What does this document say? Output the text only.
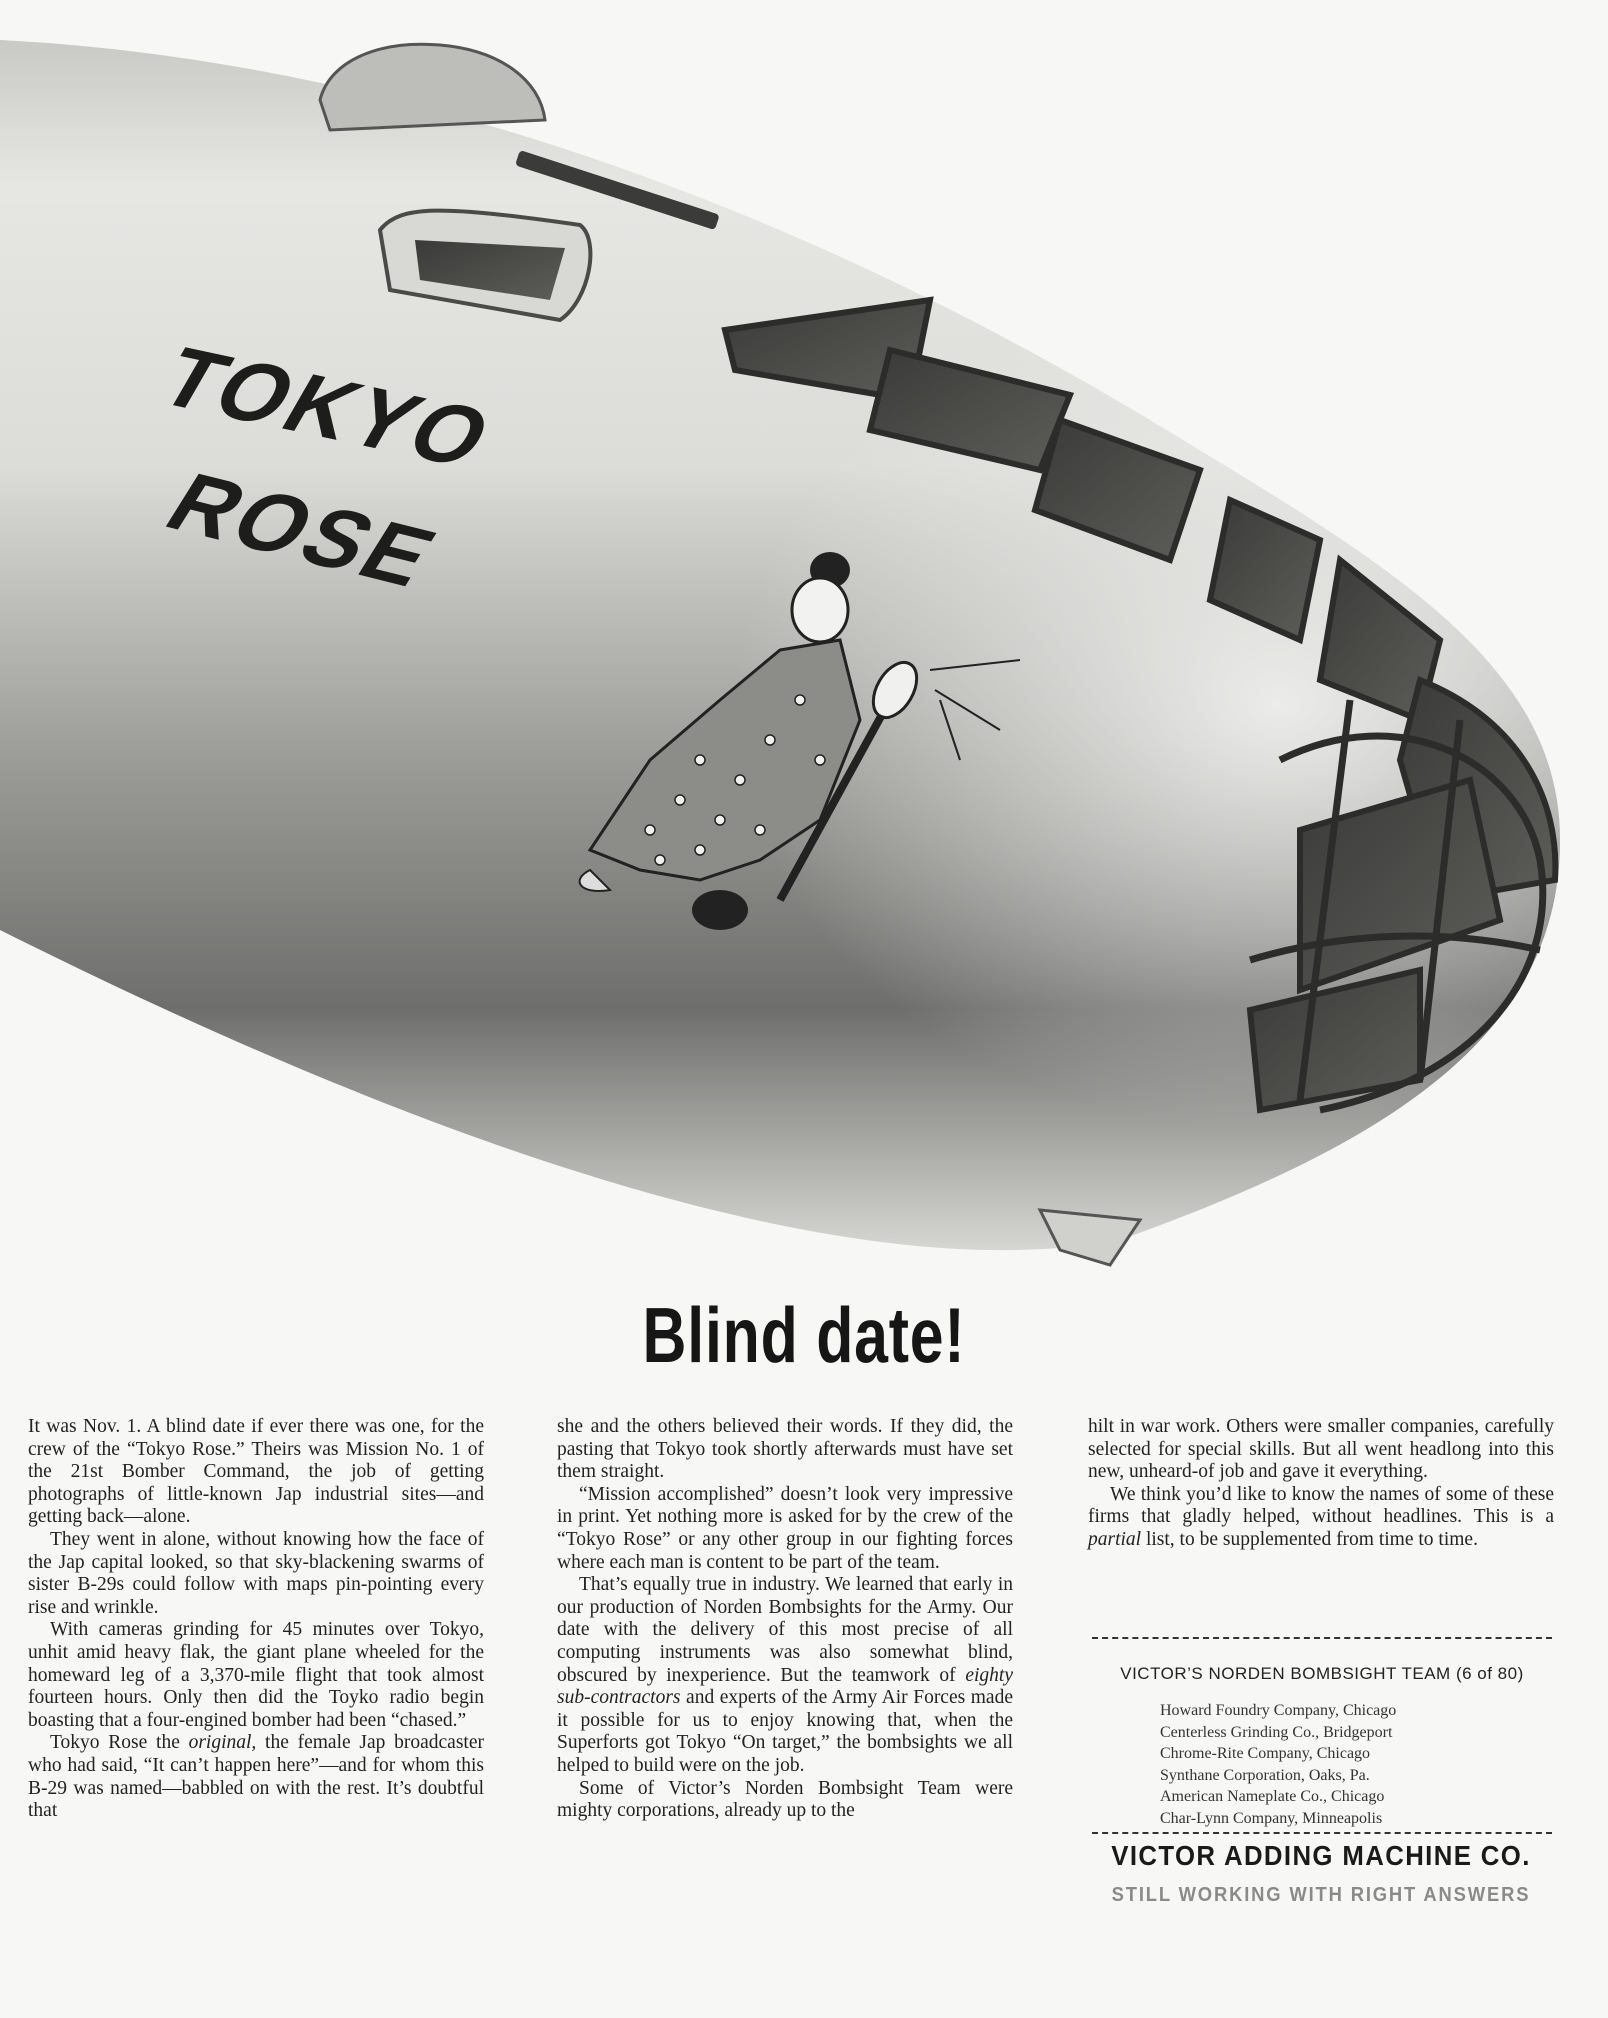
TOKYO
ROSE
Blind date!

It was Nov. 1. A blind date if ever there was one, for the crew of the “Tokyo Rose.” Theirs was Mission No. 1 of the 21st Bomber Command, the job of getting photographs of little-known Jap industrial sites—and getting back—alone.

They went in alone, without knowing how the face of the Jap capital looked, so that sky-blackening swarms of sister B-29s could follow with maps pin-pointing every rise and wrinkle.

With cameras grinding for 45 minutes over Tokyo, unhit amid heavy flak, the giant plane wheeled for the homeward leg of a 3,370-mile flight that took almost fourteen hours. Only then did the Toyko radio begin boasting that a four-engined bomber had been “chased.”

Tokyo Rose the original, the female Jap broadcaster who had said, “It can’t happen here”—and for whom this B-29 was named—babbled on with the rest. It’s doubtful that

she and the others believed their words. If they did, the pasting that Tokyo took shortly afterwards must have set them straight.

“Mission accomplished” doesn’t look very impressive in print. Yet nothing more is asked for by the crew of the “Tokyo Rose” or any other group in our fighting forces where each man is content to be part of the team.

That’s equally true in industry. We learned that early in our production of Norden Bombsights for the Army. Our date with the delivery of this most precise of all computing instruments was also somewhat blind, obscured by inexperience. But the teamwork of eighty sub-contractors and experts of the Army Air Forces made it possible for us to enjoy knowing that, when the Superforts got Tokyo “On target,” the bombsights we all helped to build were on the job.

Some of Victor’s Norden Bombsight Team were mighty corporations, already up to the

hilt in war work. Others were smaller companies, carefully selected for special skills. But all went headlong into this new, unheard-of job and gave it everything.

We think you’d like to know the names of some of these firms that gladly helped, without headlines. This is a partial list, to be supplemented from time to time.

VICTOR’S NORDEN BOMBSIGHT TEAM (6 of 80)
Howard Foundry Company, Chicago
Centerless Grinding Co., Bridgeport
Chrome-Rite Company, Chicago
Synthane Corporation, Oaks, Pa.
American Nameplate Co., Chicago
Char-Lynn Company, Minneapolis
VICTOR ADDING MACHINE CO.
STILL WORKING WITH RIGHT ANSWERS
